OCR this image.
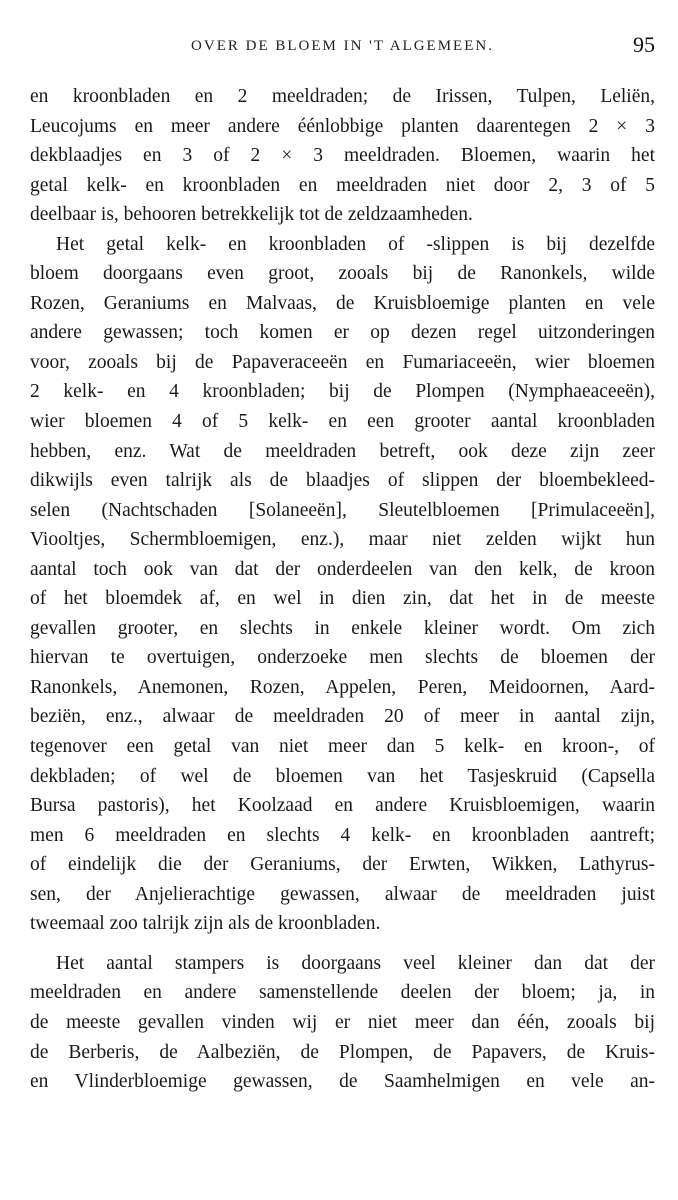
OVER DE BLOEM IN 'T ALGEMEEN.	95
en kroonbladen en 2 meeldraden; de Irissen, Tulpen, Leliën,
Leucojums en meer andere éénlobbige planten daarentegen 2 × 3
dekblaadjes en 3 of 2 × 3 meeldraden. Bloemen, waarin het
getal kelk- en kroonbladen en meeldraden niet door 2, 3 of 5
deelbaar is, behooren betrekkelijk tot de zeldzaamheden.
Het getal kelk- en kroonbladen of -slippen is bij dezelfde
bloem doorgaans even groot, zooals bij de Ranonkels, wilde
Rozen, Geraniums en Malvaas, de Kruisbloemige planten en vele
andere gewassen; toch komen er op dezen regel uitzonderingen
voor, zooals bij de Papaveraceeën en Fumariaceeën, wier bloemen
2 kelk- en 4 kroonbladen; bij de Plompen (Nymphaeaceeën),
wier bloemen 4 of 5 kelk- en een grooter aantal kroonbladen
hebben, enz. Wat de meeldraden betreft, ook deze zijn zeer
dikwijls even talrijk als de blaadjes of slippen der bloembekleed-
selen (Nachtschaden [Solaneeën], Sleutelbloemen [Primulaceeën],
Viooltjes, Schermbloemigen, enz.), maar niet zelden wijkt hun
aantal toch ook van dat der onderdeelen van den kelk, de kroon
of het bloemdek af, en wel in dien zin, dat het in de meeste
gevallen grooter, en slechts in enkele kleiner wordt. Om zich
hiervan te overtuigen, onderzoeke men slechts de bloemen der
Ranonkels, Anemonen, Rozen, Appelen, Peren, Meidoornen, Aard-
beziën, enz., alwaar de meeldraden 20 of meer in aantal zijn,
tegenover een getal van niet meer dan 5 kelk- en kroon-, of
dekbladen; of wel de bloemen van het Tasjeskruid (Capsella
Bursa pastoris), het Koolzaad en andere Kruisbloemigen, waarin
men 6 meeldraden en slechts 4 kelk- en kroonbladen aantreft;
of eindelijk die der Geraniums, der Erwten, Wikken, Lathyrus-
sen, der Anjelierachtige gewassen, alwaar de meeldraden juist
tweemaal zoo talrijk zijn als de kroonbladen.
Het aantal stampers is doorgaans veel kleiner dan dat der
meeldraden en andere samenstellende deelen der bloem; ja, in
de meeste gevallen vinden wij er niet meer dan één, zooals bij
de Berberis, de Aalbeziën, de Plompen, de Papavers, de Kruis-
en Vlinderbloemige gewassen, de Saamhelmigen en vele an-
